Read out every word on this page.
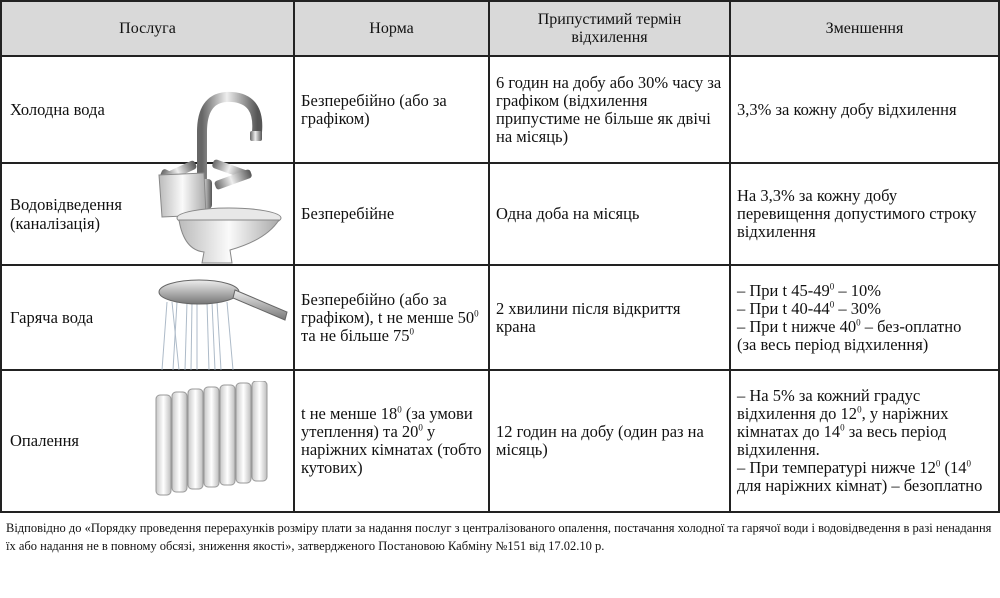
Послуга	Норма	Припустимий термін відхилення	Зменшення

Холодна вода	Безперебійно (або за графіком)	6 годин на добу або 30% часу за графіком (відхилення припустиме не більше як двічі на місяць)	3,3% за кожну добу відхилення

Водовідведення (каналізація)	Безперебійне	Одна доба на місяць	На 3,3% за кожну добу перевищення допустимого строку відхилення

Гаряча вода	Безперебійно (або за графіком), t не менше $50^0$ та не більше $75^0$	2 хвилини після відкриття крана	– При t $45-49^0 - 10\%$
– При t $40-44^0 - 30\%$
– При t нижче $40^0$ – без-оплатно
(за весь період відхилення)

Опалення	t не менше $18^0$ (за умови утеплення) та $20^0$ у наріжних кімнатах (тобто кутових)	12 годин на добу (один раз на місяць)	– На 5% за кожний градус відхилення до $12^0$, у наріжних кімнатах до $14^0$ за весь період відхилення.
– При температурі нижче $12^0$ ($14^0$ для наріжних кімнат) – безоплатно
Відповідно до «Порядку проведення перерахунків розміру плати за надання послуг з централізованого опалення, постачання холодної та гарячої води і водовідведення в разі ненадання їх або надання не в повному обсязі, зниження якості», затвердженого Постановою Кабміну №151 від 17.02.10 р.
